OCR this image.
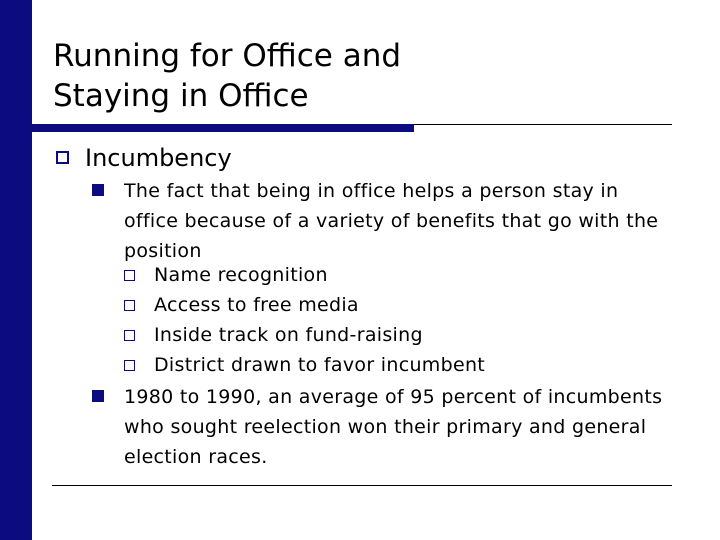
Running for Office and
Staying in Office
Incumbency
The fact that being in office helps a person stay in office because of a variety of benefits that go with the position
Name recognition
Access to free media
Inside track on fund-raising
District drawn to favor incumbent
1980 to 1990, an average of 95 percent of incumbents who sought reelection won their primary and general election races.
